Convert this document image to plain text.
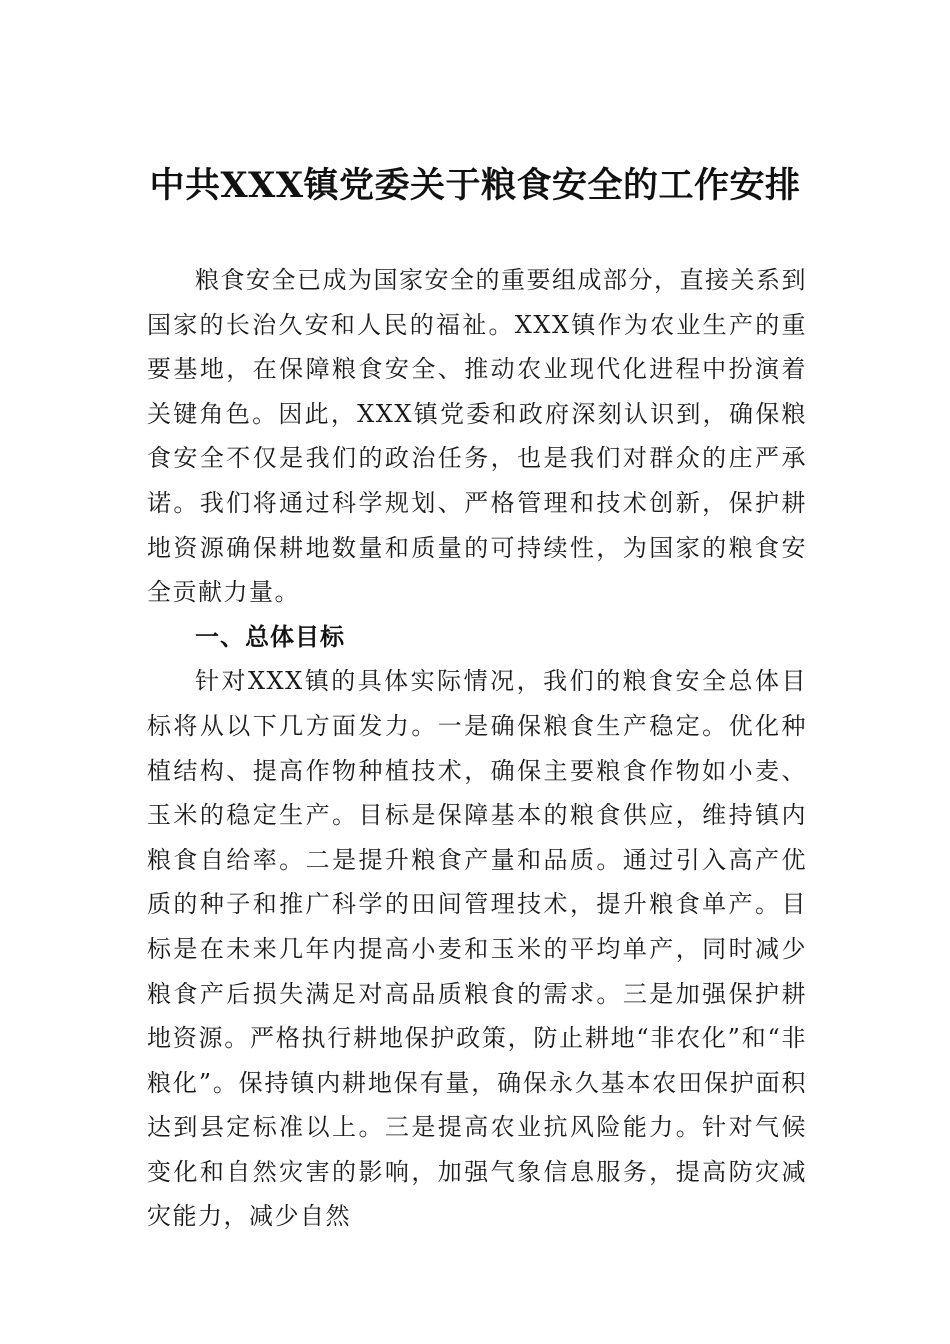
中共XXX镇党委关于粮食安全的工作安排

粮食安全已成为国家安全的重要组成部分，直接关系到国家的长治久安和人民的福祉。XXX镇作为农业生产的重要基地，在保障粮食安全、推动农业现代化进程中扮演着关键角色。因此，XXX镇党委和政府深刻认识到，确保粮食安全不仅是我们的政治任务，也是我们对群众的庄严承诺。我们将通过科学规划、严格管理和技术创新，保护耕地资源确保耕地数量和质量的可持续性，为国家的粮食安全贡献力量。

一、总体目标

针对XXX镇的具体实际情况，我们的粮食安全总体目标将从以下几方面发力。一是确保粮食生产稳定。优化种植结构、提高作物种植技术，确保主要粮食作物如小麦、玉米的稳定生产。目标是保障基本的粮食供应，维持镇内粮食自给率。二是提升粮食产量和品质。通过引入高产优质的种子和推广科学的田间管理技术，提升粮食单产。目标是在未来几年内提高小麦和玉米的平均单产，同时减少粮食产后损失满足对高品质粮食的需求。三是加强保护耕地资源。严格执行耕地保护政策，防止耕地“非农化”和“非粮化”。保持镇内耕地保有量，确保永久基本农田保护面积达到县定标准以上。三是提高农业抗风险能力。针对气候变化和自然灾害的影响，加强气象信息服务，提高防灾减灾能力，减少自然
